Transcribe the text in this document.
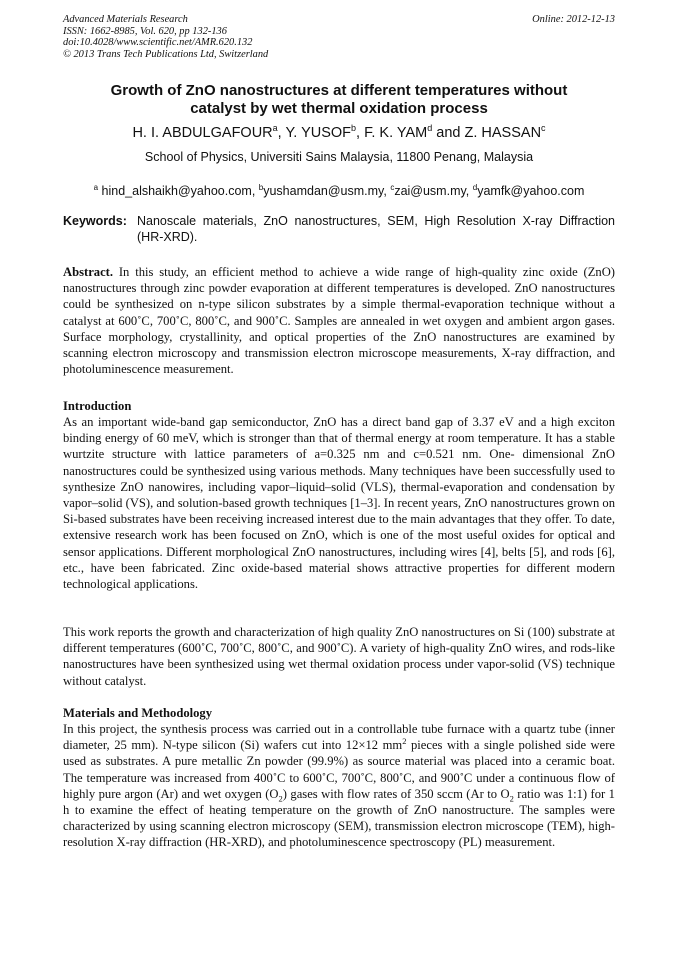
Advanced Materials Research
ISSN: 1662-8985, Vol. 620, pp 132-136
doi:10.4028/www.scientific.net/AMR.620.132
© 2013 Trans Tech Publications Ltd, Switzerland
Online: 2012-12-13
Growth of ZnO nanostructures at different temperatures without
catalyst by wet thermal oxidation process
H. I. ABDULGAFOUR$^a$, Y. YUSOF$^b$, F. K. YAM$^d$ and Z. HASSAN$^c$
School of Physics, Universiti Sains Malaysia, 11800 Penang, Malaysia
$^a$ hind_alshaikh@yahoo.com, $^b$yushamdan@usm.my, $^c$zai@usm.my, $^d$yamfk@yahoo.com
Keywords: Nanoscale materials, ZnO nanostructures, SEM, High Resolution X-ray Diffraction (HR-XRD).

Abstract. In this study, an efficient method to achieve a wide range of high-quality zinc oxide (ZnO) nanostructures through zinc powder evaporation at different temperatures is developed. ZnO nanostructures could be synthesized on n-type silicon substrates by a simple thermal-evaporation technique without a catalyst at 600˚C, 700˚C, 800˚C, and 900˚C. Samples are annealed in wet oxygen and ambient argon gases. Surface morphology, crystallinity, and optical properties of the ZnO nanostructures are examined by scanning electron microscopy and transmission electron microscope measurements, X-ray diffraction, and photoluminescence measurement.

Introduction

As an important wide-band gap semiconductor, ZnO has a direct band gap of 3.37 eV and a high exciton binding energy of 60 meV, which is stronger than that of thermal energy at room temperature. It has a stable wurtzite structure with lattice parameters of a=0.325 nm and c=0.521 nm. One- dimensional ZnO nanostructures could be synthesized using various methods. Many techniques have been successfully used to synthesize ZnO nanowires, including vapor–liquid–solid (VLS), thermal-evaporation and condensation by vapor–solid (VS), and solution-based growth techniques [1–3]. In recent years, ZnO nanostructures grown on Si-based substrates have been receiving increased interest due to the main advantages that they offer. To date, extensive research work has been focused on ZnO, which is one of the most useful oxides for optical and sensor applications. Different morphological ZnO nanostructures, including wires [4], belts [5], and rods [6], etc., have been fabricated. Zinc oxide-based material shows attractive properties for different modern technological applications.

This work reports the growth and characterization of high quality ZnO nanostructures on Si (100) substrate at different temperatures (600˚C, 700˚C, 800˚C, and 900˚C). A variety of high-quality ZnO wires, and rods-like nanostructures have been synthesized using wet thermal oxidation process under vapor-solid (VS) technique without catalyst.

Materials and Methodology

In this project, the synthesis process was carried out in a controllable tube furnace with a quartz tube (inner diameter, 25 mm). N-type silicon (Si) wafers cut into 12×12 $mm^2$ pieces with a single polished side were used as substrates. A pure metallic Zn powder (99.9%) as source material was placed into a ceramic boat. The temperature was increased from 400˚C to 600˚C, 700˚C, 800˚C, and 900˚C under a continuous flow of highly pure argon (Ar) and wet oxygen $(O_2)$ gases with flow rates of 350 sccm (Ar to $O_2$ ratio was 1:1) for 1 h to examine the effect of heating temperature on the growth of ZnO nanostructure. The samples were characterized by using scanning electron microscopy (SEM), transmission electron microscope (TEM), high-resolution X-ray diffraction (HR-XRD), and photoluminescence spectroscopy (PL) measurement.
